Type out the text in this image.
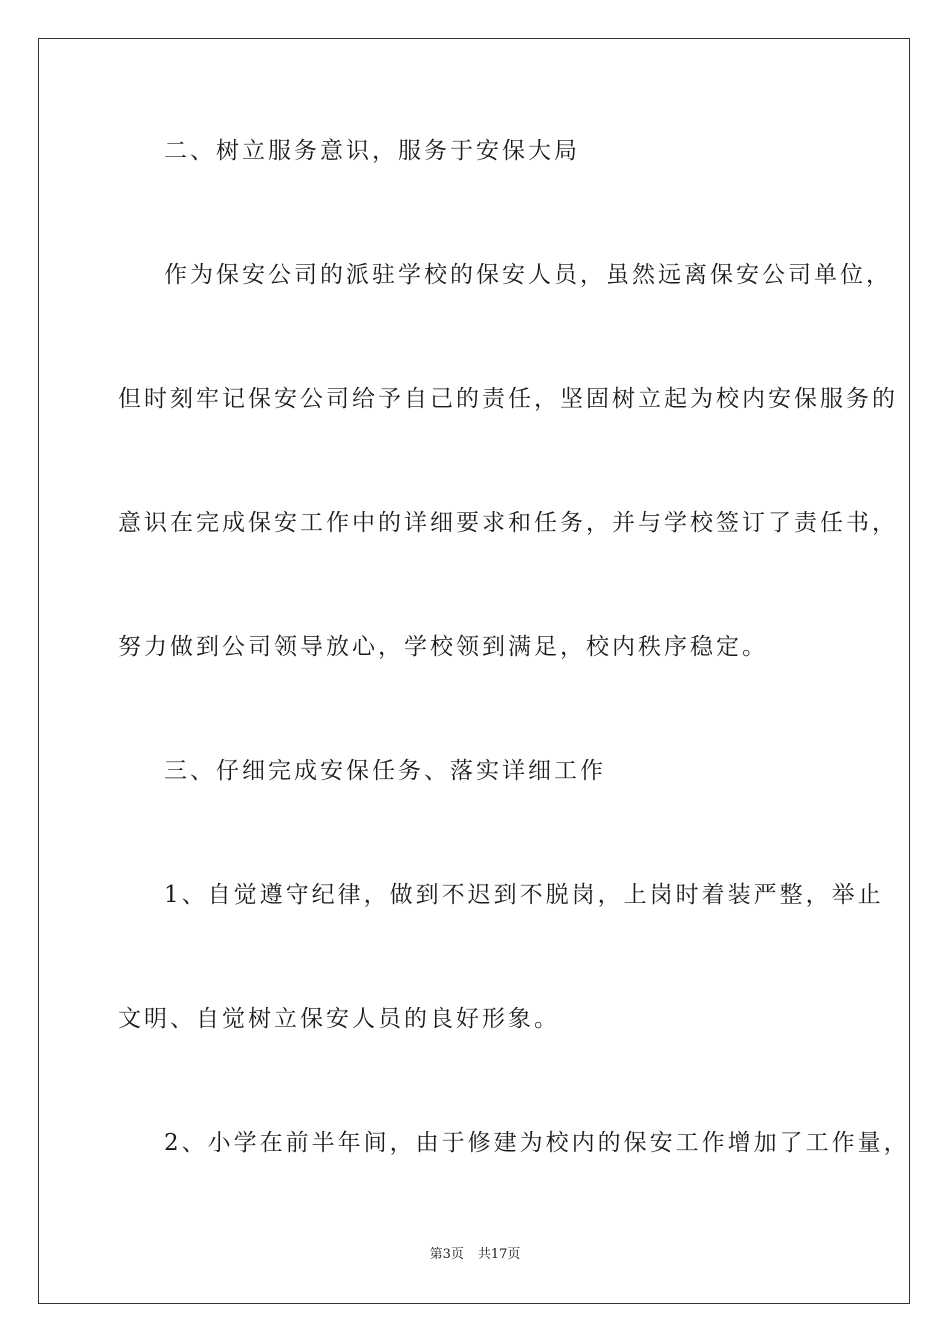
二、树立服务意识，服务于安保大局
作为保安公司的派驻学校的保安人员，虽然远离保安公司单位，
但时刻牢记保安公司给予自己的责任，坚固树立起为校内安保服务的
意识在完成保安工作中的详细要求和任务，并与学校签订了责任书，
努力做到公司领导放心，学校领到满足，校内秩序稳定。
三、仔细完成安保任务、落实详细工作
1、自觉遵守纪律，做到不迟到不脱岗，上岗时着装严整，举止
文明、自觉树立保安人员的良好形象。
2、小学在前半年间，由于修建为校内的保安工作增加了工作量，
第3页 共17页
